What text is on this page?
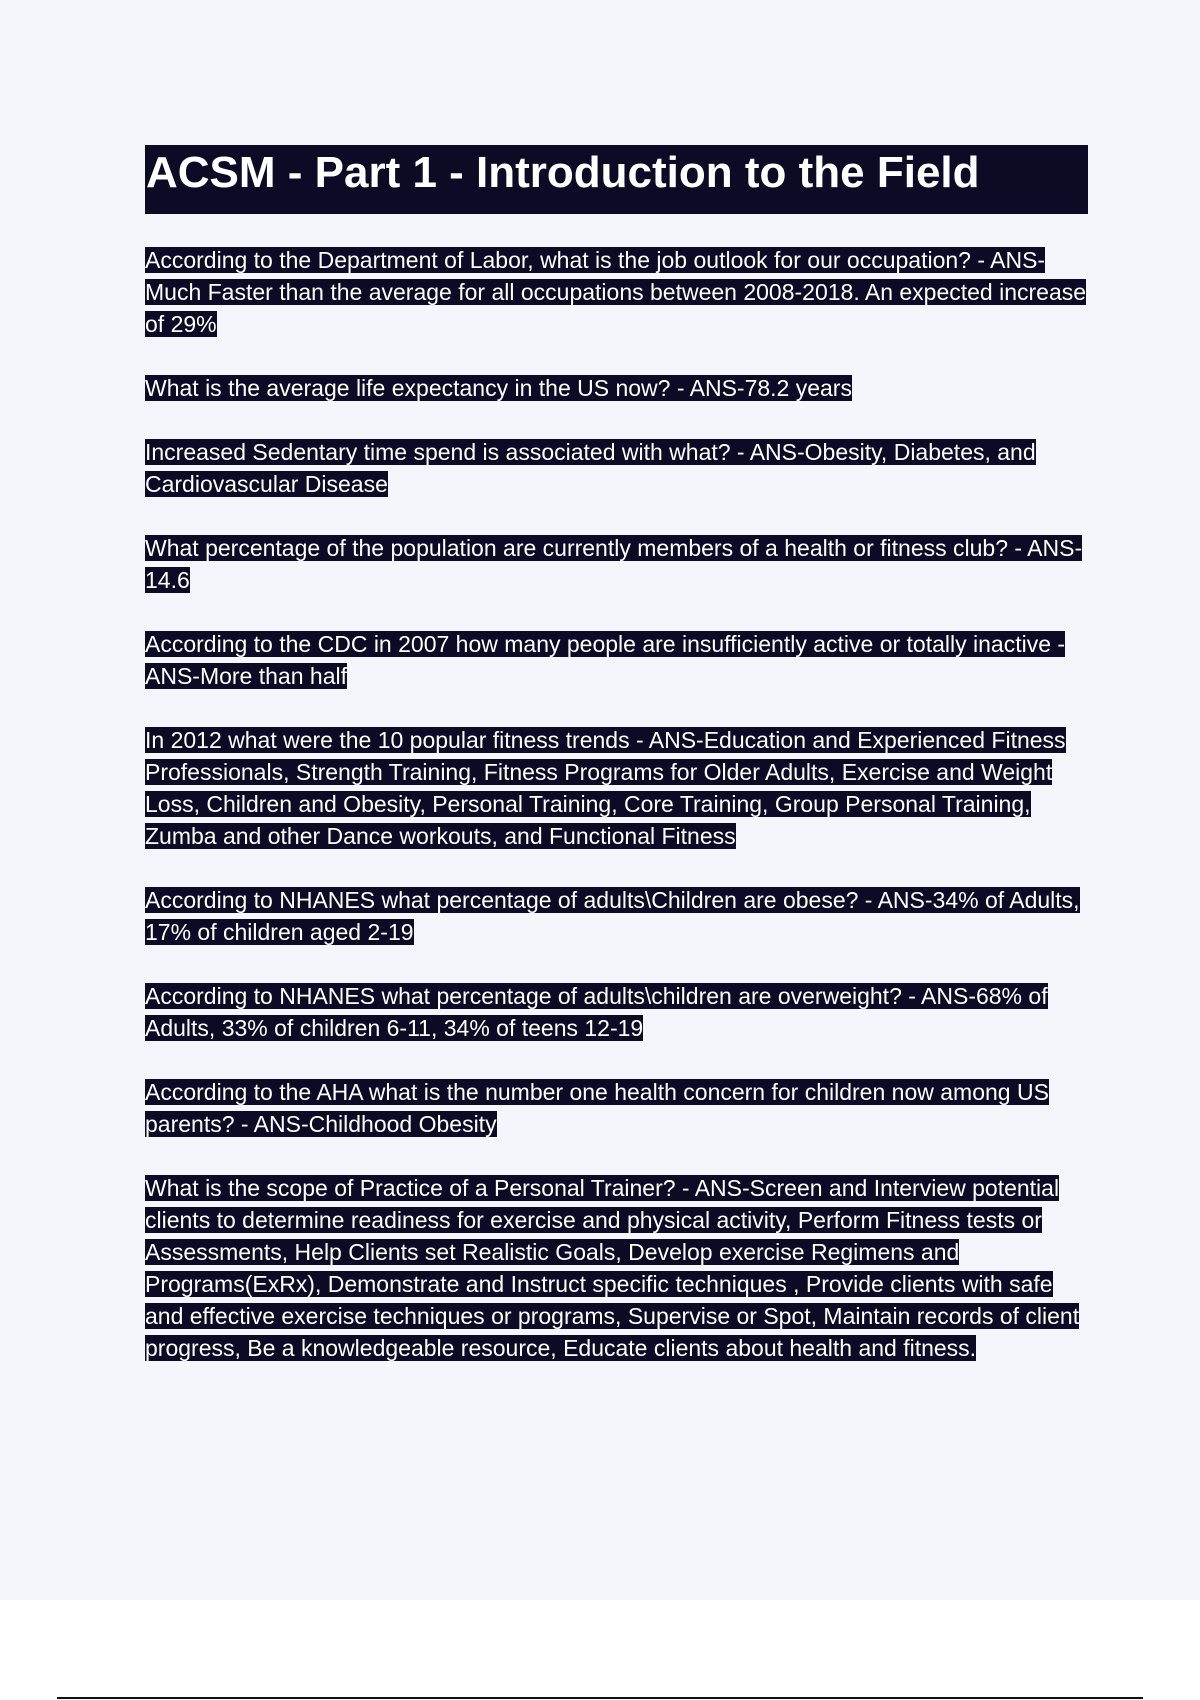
ACSM - Part 1 - Introduction to the Field

According to the Department of Labor, what is the job outlook for our occupation? - ANS-Much Faster than the average for all occupations between 2008-2018. An expected increase of 29%

What is the average life expectancy in the US now? - ANS-78.2 years

Increased Sedentary time spend is associated with what? - ANS-Obesity, Diabetes, and Cardiovascular Disease

What percentage of the population are currently members of a health or fitness club? - ANS-14.6

According to the CDC in 2007 how many people are insufficiently active or totally inactive - ANS-More than half

In 2012 what were the 10 popular fitness trends - ANS-Education and Experienced Fitness Professionals, Strength Training, Fitness Programs for Older Adults, Exercise and Weight Loss, Children and Obesity, Personal Training, Core Training, Group Personal Training, Zumba and other Dance workouts, and Functional Fitness

According to NHANES what percentage of adults\Children are obese? - ANS-34% of Adults, 17% of children aged 2-19

According to NHANES what percentage of adults\children are overweight? - ANS-68% of Adults, 33% of children 6-11, 34% of teens 12-19

According to the AHA what is the number one health concern for children now among US parents? - ANS-Childhood Obesity

What is the scope of Practice of a Personal Trainer? - ANS-Screen and Interview potential clients to determine readiness for exercise and physical activity, Perform Fitness tests or Assessments, Help Clients set Realistic Goals, Develop exercise Regimens and Programs(ExRx), Demonstrate and Instruct specific techniques , Provide clients with safe and effective exercise techniques or programs, Supervise or Spot, Maintain records of client progress, Be a knowledgeable resource, Educate clients about health and fitness.
